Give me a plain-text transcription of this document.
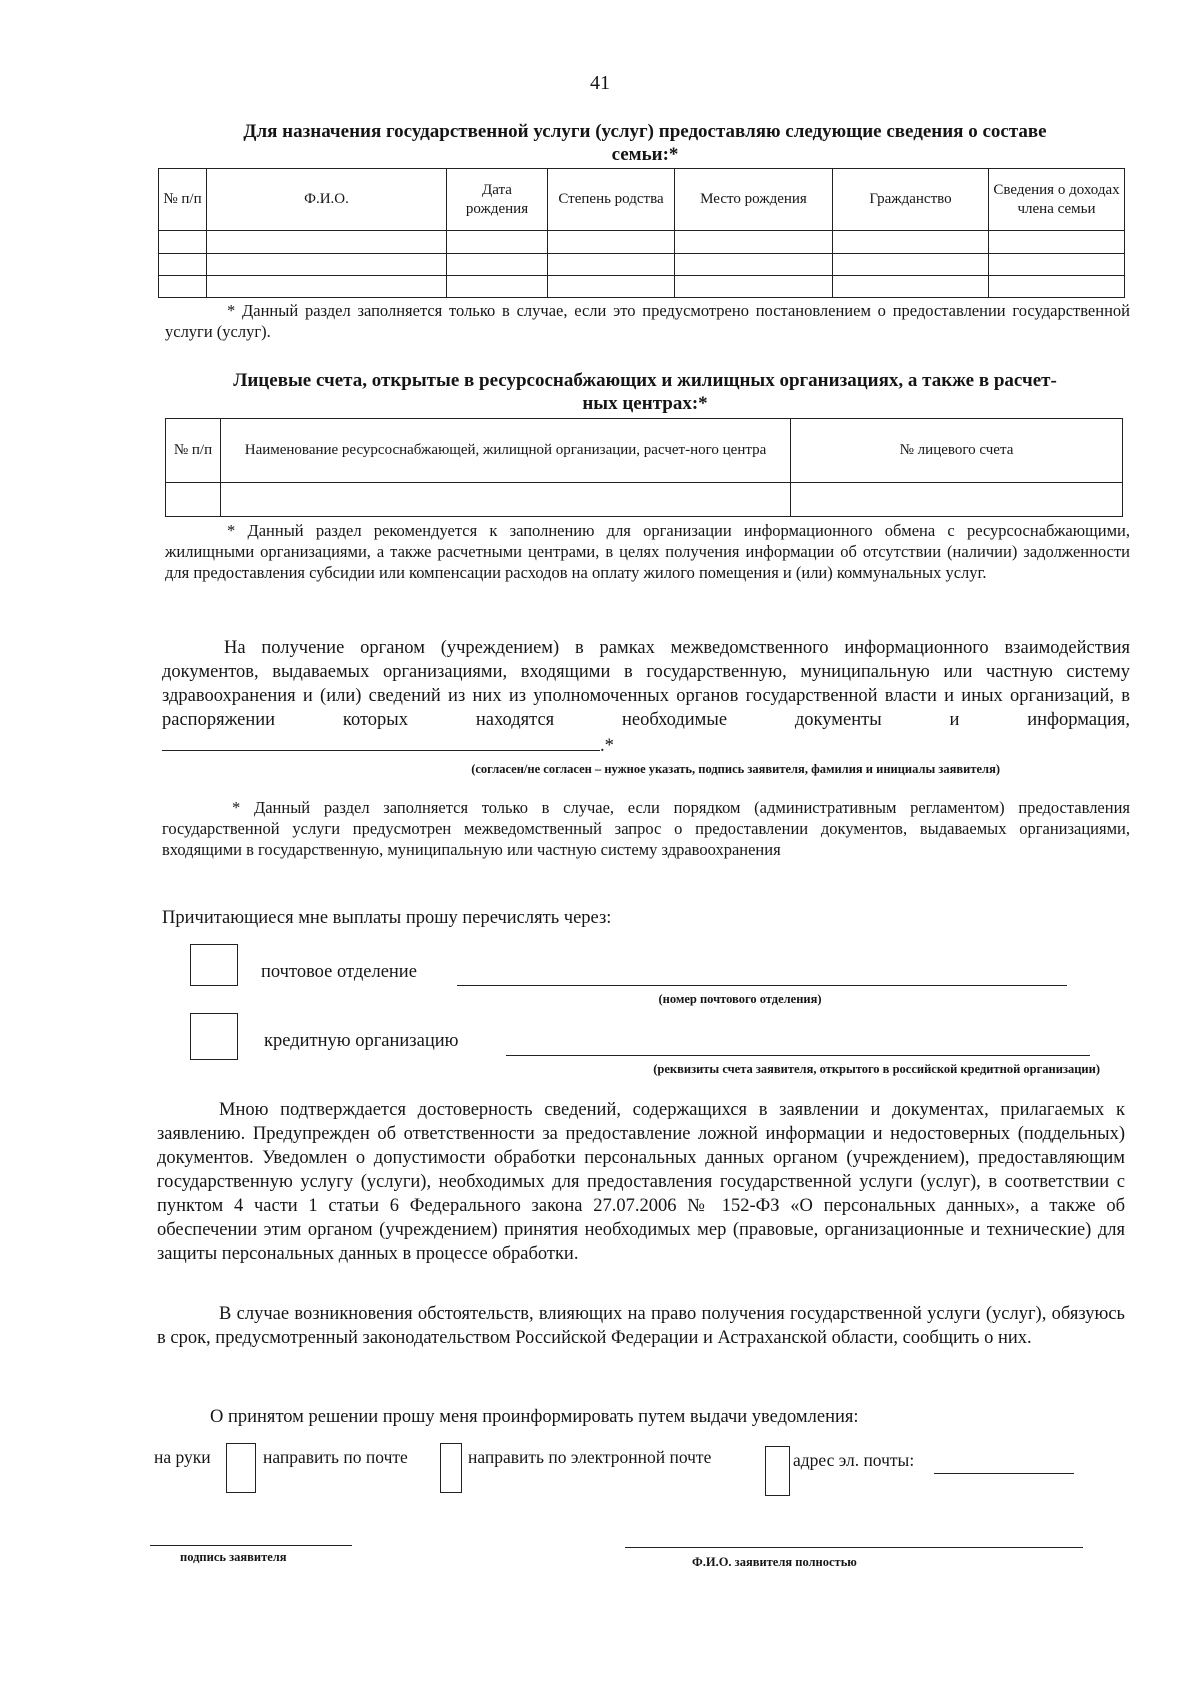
41
Для назначения государственной услуги (услуг) предоставляю следующие сведения о составе
семьи:*
№ п/п	Ф.И.О.	Дата рождения	Степень родства	Место рождения	Гражданство	Сведения о доходах члена семьи

* Данный раздел заполняется только в случае, если это предусмотрено постановлением о предоставлении государственной услуги (услуг).
Лицевые счета, открытые в ресурсоснабжающих и жилищных организациях, а также в расчет-
ных центрах:*
№ п/п	Наименование ресурсоснабжающей, жилищной организации, расчет-ного центра	№ лицевого счета

* Данный раздел рекомендуется к заполнению для организации информационного обмена с ресурсоснабжающими, жилищными организациями, а также расчетными центрами, в целях получения информации об отсутствии (наличии) задолженности для предоставления субсидии или компенсации расходов на оплату жилого помещения и (или) коммунальных услуг.
На получение органом (учреждением) в рамках межведомственного информационного взаимодействия документов, выдаваемых организациями, входящими в государственную, муниципальную или частную систему здравоохранения и (или) сведений из них из уполномоченных органов государственной власти и иных организаций, в распоряжении которых находятся необходимые документы и информация,.*
(согласен/не согласен – нужное указать, подпись заявителя, фамилия и инициалы заявителя)
* Данный раздел заполняется только в случае, если порядком (административным регламентом) предоставления государственной услуги предусмотрен межведомственный запрос о предоставлении документов, выдаваемых организациями, входящими в государственную, муниципальную или частную систему здравоохранения
Причитающиеся мне выплаты прошу перечислять через:
почтовое отделение
(номер почтового отделения)
кредитную организацию
(реквизиты счета заявителя, открытого в российской кредитной организации)
Мною подтверждается достоверность сведений, содержащихся в заявлении и документах, прилагаемых к заявлению. Предупрежден об ответственности за предоставление ложной информации и недостоверных (поддельных) документов. Уведомлен о допустимости обработки персональных данных органом (учреждением), предоставляющим государственную услугу (услуги), необходимых для предоставления государственной услуги (услуг), в соответствии с пунктом 4 части 1 статьи 6 Федерального закона 27.07.2006 № 152-ФЗ «О персональных данных», а также об обеспечении этим органом (учреждением) принятия необходимых мер (правовые, организационные и технические) для защиты персональных данных в процессе обработки.
В случае возникновения обстоятельств, влияющих на право получения государственной услуги (услуг), обязуюсь в срок, предусмотренный законодательством Российской Федерации и Астраханской области, сообщить о них.
О принятом решении прошу меня проинформировать путем выдачи уведомления:
на руки	направить по почте	направить по электронной почте	адрес эл. почты:
подпись заявителя	Ф.И.О. заявителя полностью
